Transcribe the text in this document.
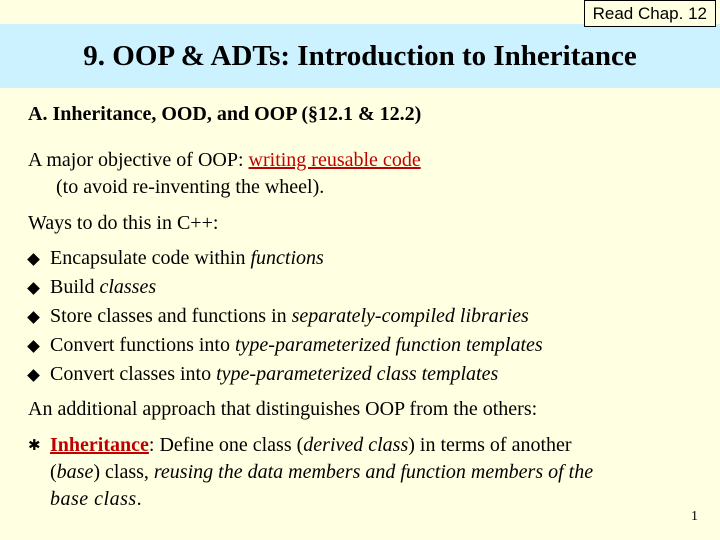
Read Chap. 12
9. OOP & ADTs: Introduction to Inheritance
A. Inheritance, OOD, and OOP (§12.1 & 12.2)

A major objective of OOP: writing reusable code

(to avoid re-inventing the wheel).

Ways to do this in C++:

Encapsulate code within functions
Build classes
Store classes and functions in separately-compiled libraries
Convert functions into type-parameterized function templates
Convert classes into type-parameterized class templates

An additional approach that distinguishes OOP from the others:

✱ Inheritance: Define one class (derived class) in terms of another

(base) class, reusing the data members and function members of the

base class.

1
